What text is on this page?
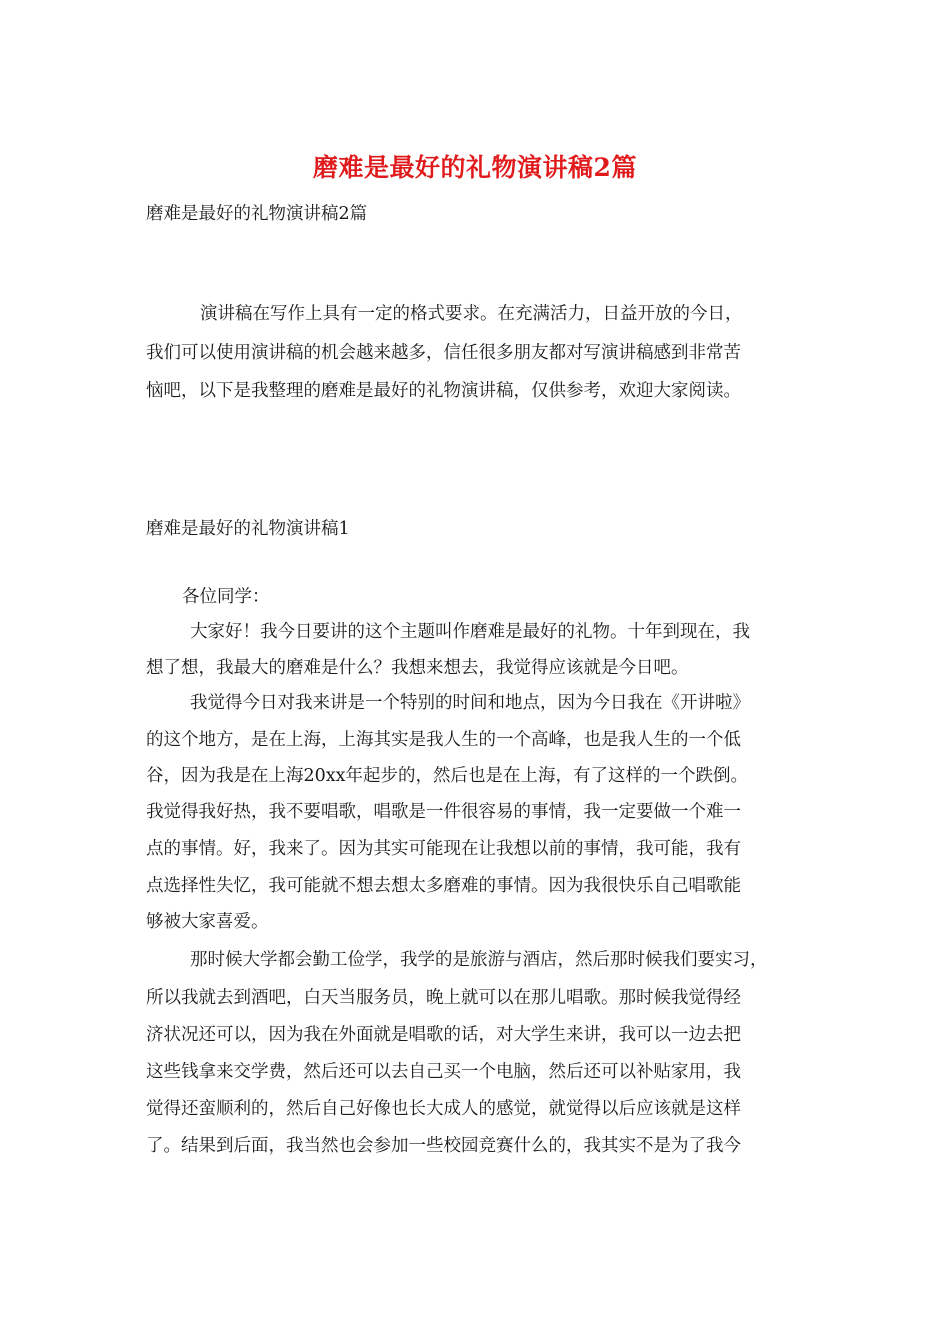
磨难是最好的礼物演讲稿2篇
磨难是最好的礼物演讲稿2篇
演讲稿在写作上具有一定的格式要求。在充满活力，日益开放的今日，
我们可以使用演讲稿的机会越来越多，信任很多朋友都对写演讲稿感到非常苦
恼吧，以下是我整理的磨难是最好的礼物演讲稿，仅供参考，欢迎大家阅读。
磨难是最好的礼物演讲稿1
各位同学：
大家好！我今日要讲的这个主题叫作磨难是最好的礼物。十年到现在，我
想了想，我最大的磨难是什么？我想来想去，我觉得应该就是今日吧。
我觉得今日对我来讲是一个特别的时间和地点，因为今日我在《开讲啦》
的这个地方，是在上海，上海其实是我人生的一个高峰，也是我人生的一个低
谷，因为我是在上海20xx年起步的，然后也是在上海，有了这样的一个跌倒。
我觉得我好热，我不要唱歌，唱歌是一件很容易的事情，我一定要做一个难一
点的事情。好，我来了。因为其实可能现在让我想以前的事情，我可能，我有
点选择性失忆，我可能就不想去想太多磨难的事情。因为我很快乐自己唱歌能
够被大家喜爱。
那时候大学都会勤工俭学，我学的是旅游与酒店，然后那时候我们要实习，
所以我就去到酒吧，白天当服务员，晚上就可以在那儿唱歌。那时候我觉得经
济状况还可以，因为我在外面就是唱歌的话，对大学生来讲，我可以一边去把
这些钱拿来交学费，然后还可以去自己买一个电脑，然后还可以补贴家用，我
觉得还蛮顺利的，然后自己好像也长大成人的感觉，就觉得以后应该就是这样
了。结果到后面，我当然也会参加一些校园竞赛什么的，我其实不是为了我今
